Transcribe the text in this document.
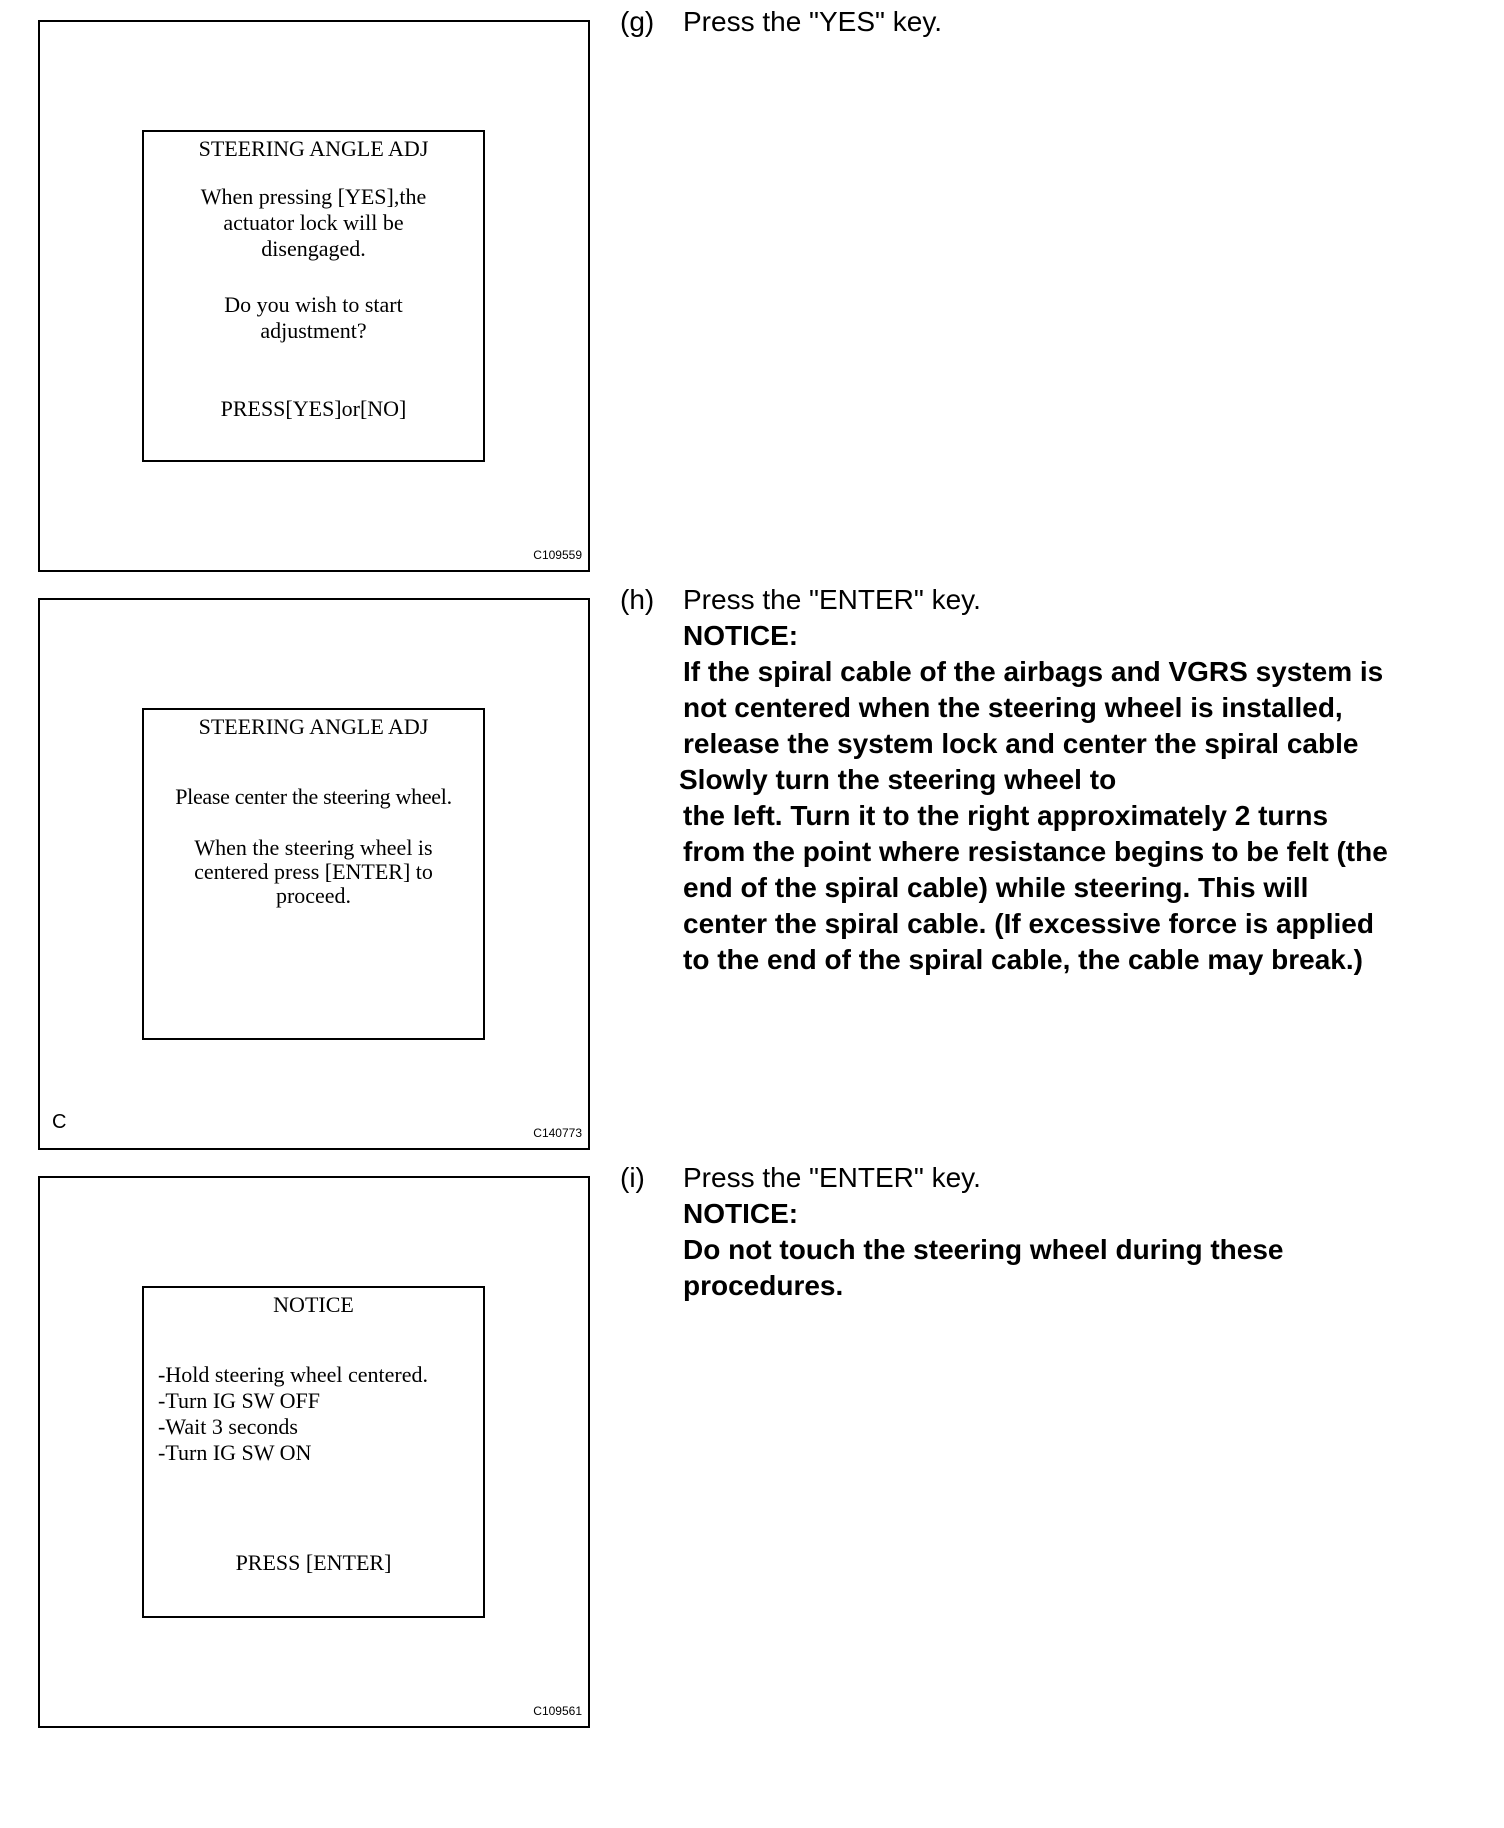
STEERING ANGLE ADJ
When pressing [YES],the
actuator lock will be
disengaged.
Do you wish to start
adjustment?
PRESS[YES]or[NO]
C109559
STEERING ANGLE ADJ
Please center the steering wheel.
When the steering wheel is
centered press [ENTER] to
proceed.
C	C140773
NOTICE
-Hold steering wheel centered.
-Turn IG SW OFF
-Wait 3 seconds
-Turn IG SW ON
PRESS [ENTER]
C109561
(g) Press the "YES" key.
(h) Press the "ENTER" key.
NOTICE:
If the spiral cable of the airbags and VGRS system is
not centered when the steering wheel is installed,
release the system lock and center the spiral cable
Slowly turn the steering wheel to
the left. Turn it to the right approximately 2 turns
from the point where resistance begins to be felt (the
end of the spiral cable) while steering. This will
center the spiral cable. (If excessive force is applied
to the end of the spiral cable, the cable may break.)
(i) Press the "ENTER" key.
NOTICE:
Do not touch the steering wheel during these
procedures.
